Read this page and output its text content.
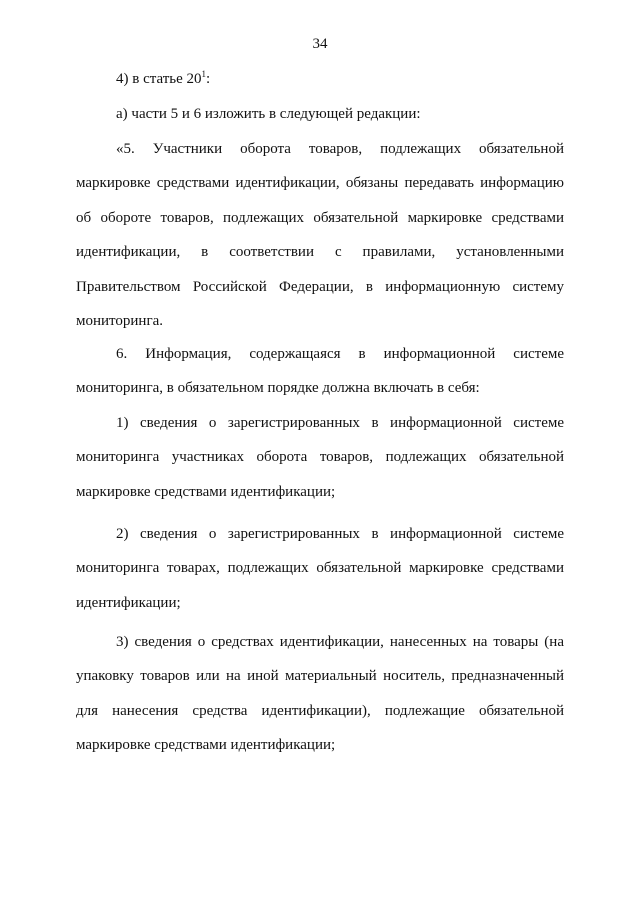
34
4) в статье $20^1$:
а) части 5 и 6 изложить в следующей редакции:
«5. Участники оборота товаров, подлежащих обязательной маркировке средствами идентификации, обязаны передавать информацию об обороте товаров, подлежащих обязательной маркировке средствами идентификации, в соответствии с правилами, установленными Правительством Российской Федерации, в информационную систему мониторинга.
6. Информация, содержащаяся в информационной системе мониторинга, в обязательном порядке должна включать в себя:
1) сведения о зарегистрированных в информационной системе мониторинга участниках оборота товаров, подлежащих обязательной маркировке средствами идентификации;
2) сведения о зарегистрированных в информационной системе мониторинга товарах, подлежащих обязательной маркировке средствами идентификации;
3) сведения о средствах идентификации, нанесенных на товары (на упаковку товаров или на иной материальный носитель, предназначенный для нанесения средства идентификации), подлежащие обязательной маркировке средствами идентификации;
